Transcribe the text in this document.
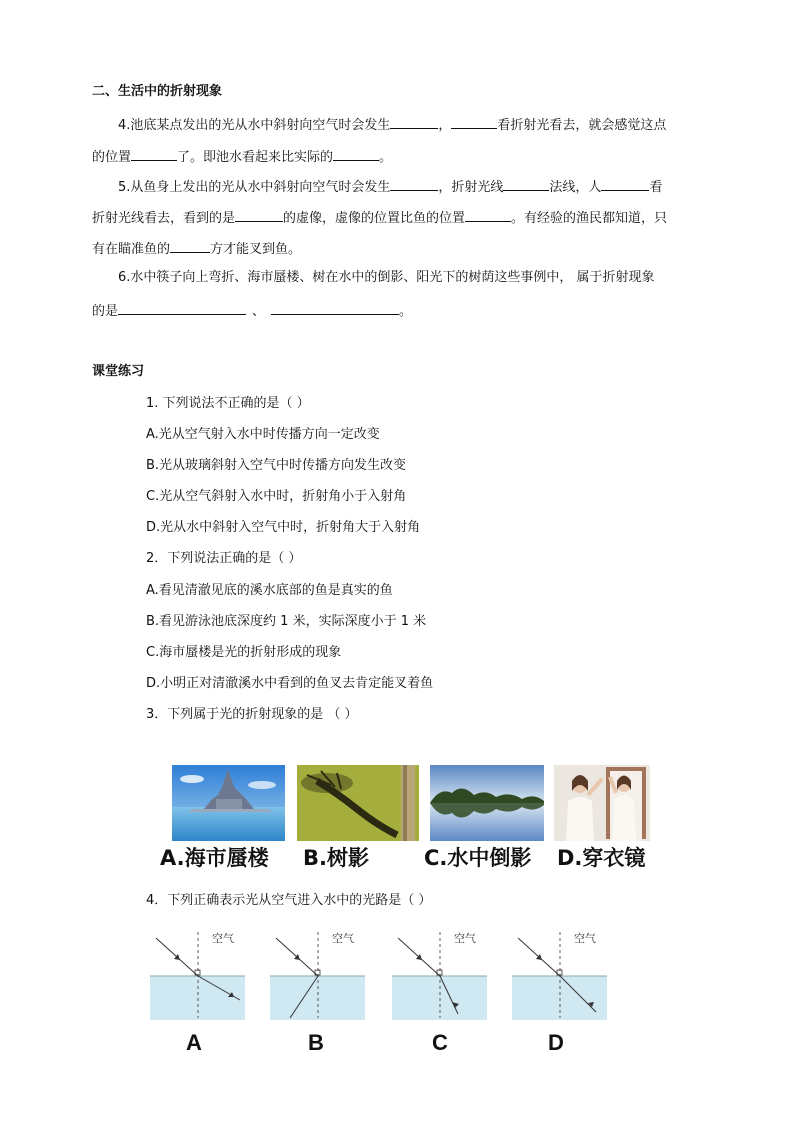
二、生活中的折射现象
4.池底某点发出的光从水中斜射向空气时会发生	，	看折射光看去，就会感觉这点
的位置	了。即池水看起来比实际的	。
5.从鱼身上发出的光从水中斜射向空气时会发生	，折射光线	法线，人	看
折射光线看去，看到的是	的虚像，虚像的位置比鱼的位置	。有经验的渔民都知道，只
有在瞄准鱼的	方才能叉到鱼。
6.水中筷子向上弯折、海市蜃楼、树在水中的倒影、阳光下的树荫这些事例中， 属于折射现象
的是	、	。
课堂练习
1. 下列说法不正确的是（ ）
A.光从空气射入水中时传播方向一定改变
B.光从玻璃斜射入空气中时传播方向发生改变
C.光从空气斜射入水中时，折射角小于入射角
D.光从水中斜射入空气中时，折射角大于入射角
2．下列说法正确的是（ ）
A.看见清澈见底的溪水底部的鱼是真实的鱼
B.看见游泳池底深度约 1 米，实际深度小于 1 米
C.海市蜃楼是光的折射形成的现象
D.小明正对清澈溪水中看到的鱼叉去肯定能叉着鱼
3．下列属于光的折射现象的是 （ ）
A.海市蜃楼 B.树影	C.水中倒影 D.穿衣镜
4．下列正确表示光从空气进入水中的光路是（ ）
空气
A
空气
B
空气
C
空气
D
